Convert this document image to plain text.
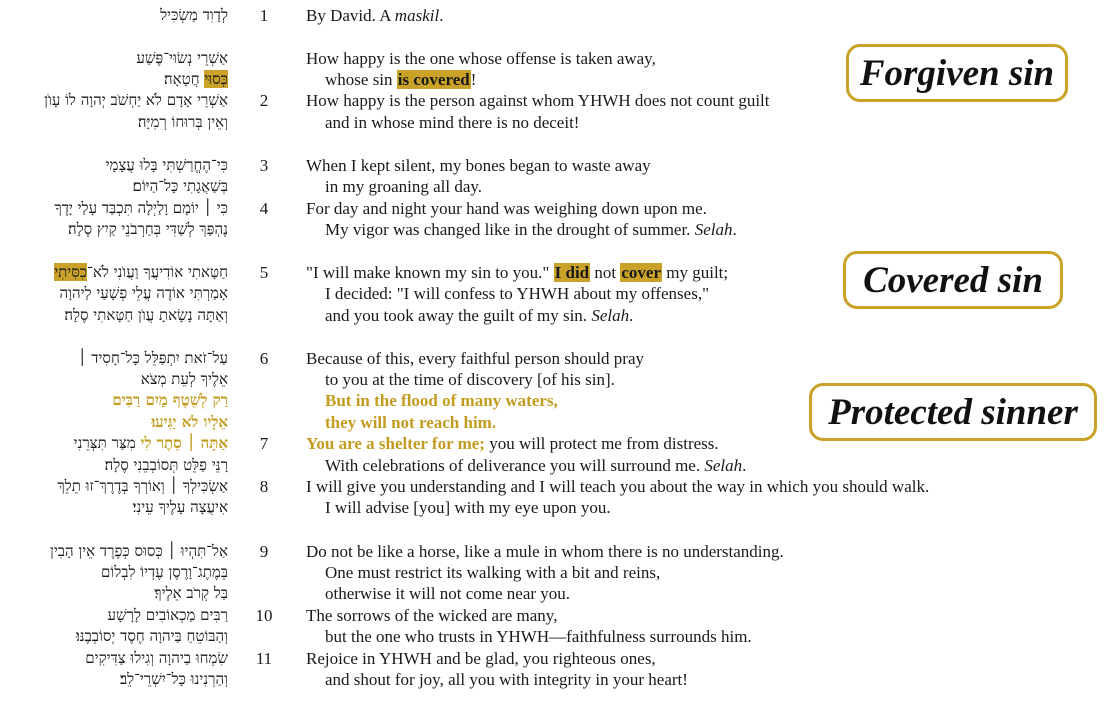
לְדָוִד מַשְׂכִּיל
אַשְׁרֵי נְשׂוּי־פֶּשַׁע
כְּסוּי חֲטָאָה׃
אַשְׁרֵי אָדָם לֹא יַחְשֹׁב יְהוָה לוֹ עָוֺן
וְאֵין בְּרוּחוֹ רְמִיָּה׃
כִּי־הֶחֱרַשְׁתִּי בָּלוּ עֲצָמָי
בְּשַׁאֲגָתִי כָּל־הַיּוֹם׃
כִּי ׀ יוֹמָם וָלַיְלָה תִּכְבַּד עָלַי יָדֶךָ
נֶהְפַּךְ לְשַׁדִּי בְּחַרְבֹנֵי קַיִץ סֶלָה׃
חַטָּאתִי אוֹדִיעֲךָ וַעֲוֺנִי לֹא־כִסִּיתִי
אָמַרְתִּי אוֹדֶה עֲלֵי פְשָׁעַי לַיהוָה
וְאַתָּה נָשָׂאתָ עֲוֺן חַטָּאתִי סֶלָה׃
עַל־זֹאת יִתְפַּלֵּל כָּל־חָסִיד ׀
אֵלֶיךָ לְעֵת מְצֹא
רַק לְשֵׁטֶף מַיִם רַבִּים
אֵלָיו לֹא יַגִּיעוּ׃
אַתָּה ׀ סֵתֶר לִי מִצַּר תִּצְּרֵנִי
רָנֵּי פַלֵּט תְּסוֹבְבֵנִי סֶלָה׃
אַשְׂכִּילְךָ ׀ וְאוֹרְךָ בְּדֶרֶךְ־זוּ תֵלֵךְ
אִיעֲצָה עָלֶיךָ עֵינִי׃
אַל־תִּהְיוּ ׀ כְּסוּס כְּפֶרֶד אֵין הָבִין
בְּמֶתֶג־וָרֶסֶן עֶדְיוֹ לִבְלוֹם
בַּל קְרֹב אֵלֶיךָ׃
רַבִּים מַכְאוֹבִים לָרָשָׁע
וְהַבּוֹטֵחַ בַּיהוָה חֶסֶד יְסוֹבְבֶנּוּ׃
שִׂמְחוּ בַיהוָה וְגִילוּ צַדִּיקִים
וְהַרְנִינוּ כָּל־יִשְׁרֵי־לֵב׃
1
2
3
4
5
6
7
8
9
10
11
By David. A maskil.
How happy is the one whose offense is taken away,
whose sin is covered!
How happy is the person against whom YHWH does not count guilt
and in whose mind there is no deceit!
When I kept silent, my bones began to waste away
in my groaning all day.
For day and night your hand was weighing down upon me.
My vigor was changed like in the drought of summer. Selah.
"I will make known my sin to you." I did not cover my guilt;
I decided: "I will confess to YHWH about my offenses,"
and you took away the guilt of my sin. Selah.
Because of this, every faithful person should pray
to you at the time of discovery [of his sin].
But in the flood of many waters,
they will not reach him.
You are a shelter for me; you will protect me from distress.
With celebrations of deliverance you will surround me. Selah.
I will give you understanding and I will teach you about the way in which you should walk.
I will advise [you] with my eye upon you.
Do not be like a horse, like a mule in whom there is no understanding.
One must restrict its walking with a bit and reins,
otherwise it will not come near you.
The sorrows of the wicked are many,
but the one who trusts in YHWH—faithfulness surrounds him.
Rejoice in YHWH and be glad, you righteous ones,
and shout for joy, all you with integrity in your heart!
Forgiven sin
Covered sin
Protected sinner
